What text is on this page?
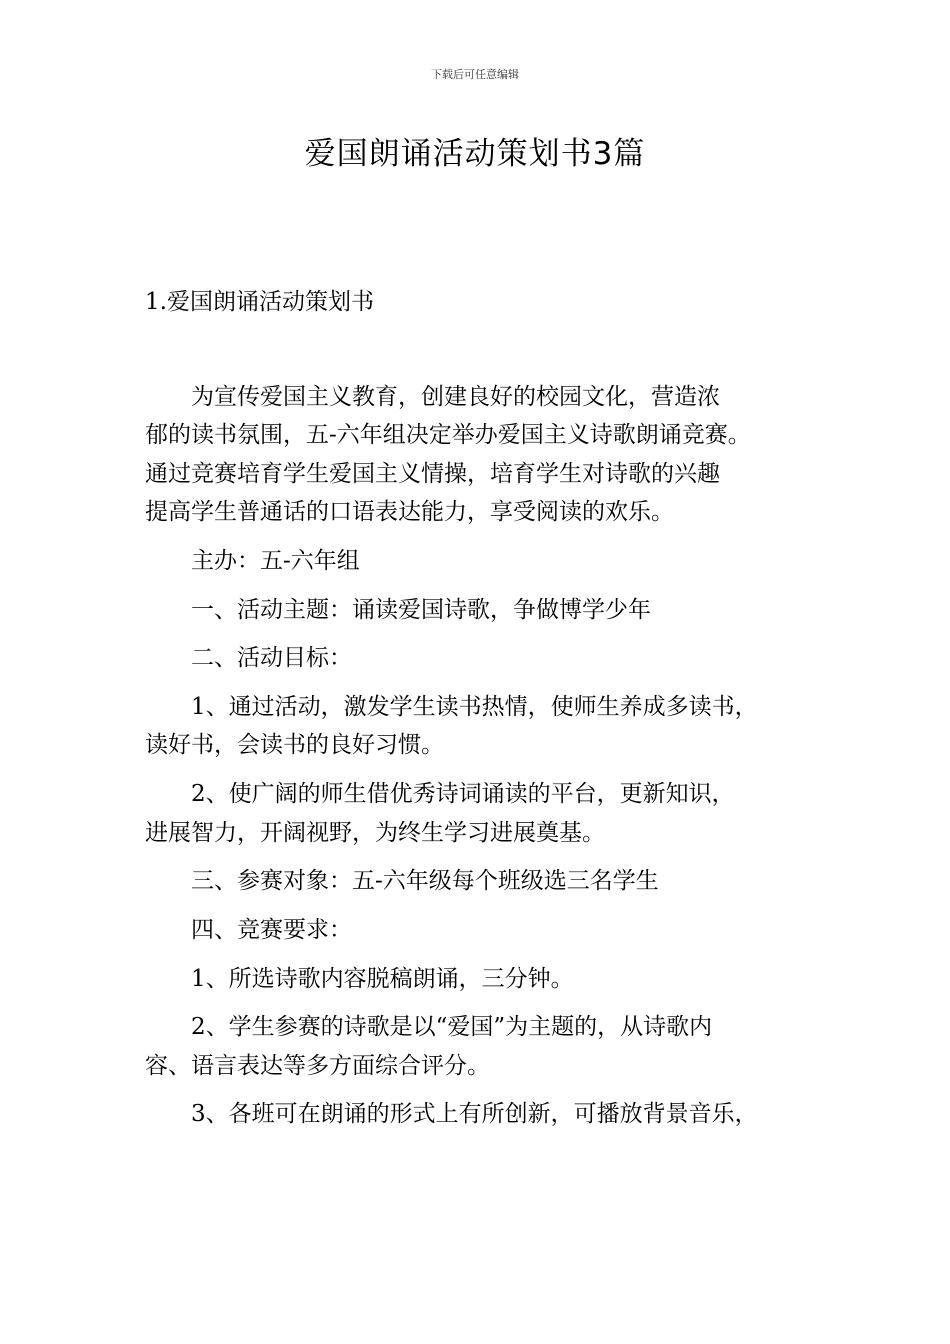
下载后可任意编辑
爱国朗诵活动策划书3篇
1.爱国朗诵活动策划书

为宣传爱国主义教育，创建良好的校园文化，营造浓
郁的读书氛围，五-六年组决定举办爱国主义诗歌朗诵竞赛。
通过竞赛培育学生爱国主义情操，培育学生对诗歌的兴趣
提高学生普通话的口语表达能力，享受阅读的欢乐。

主办：五-六年组

一、活动主题：诵读爱国诗歌，争做博学少年

二、活动目标：

1、通过活动，激发学生读书热情，使师生养成多读书，
读好书，会读书的良好习惯。

2、使广阔的师生借优秀诗词诵读的平台，更新知识，
进展智力，开阔视野，为终生学习进展奠基。

三、参赛对象：五-六年级每个班级选三名学生

四、竞赛要求：

1、所选诗歌内容脱稿朗诵，三分钟。

2、学生参赛的诗歌是以“爱国”为主题的，从诗歌内
容、语言表达等多方面综合评分。

3、各班可在朗诵的形式上有所创新，可播放背景音乐，
